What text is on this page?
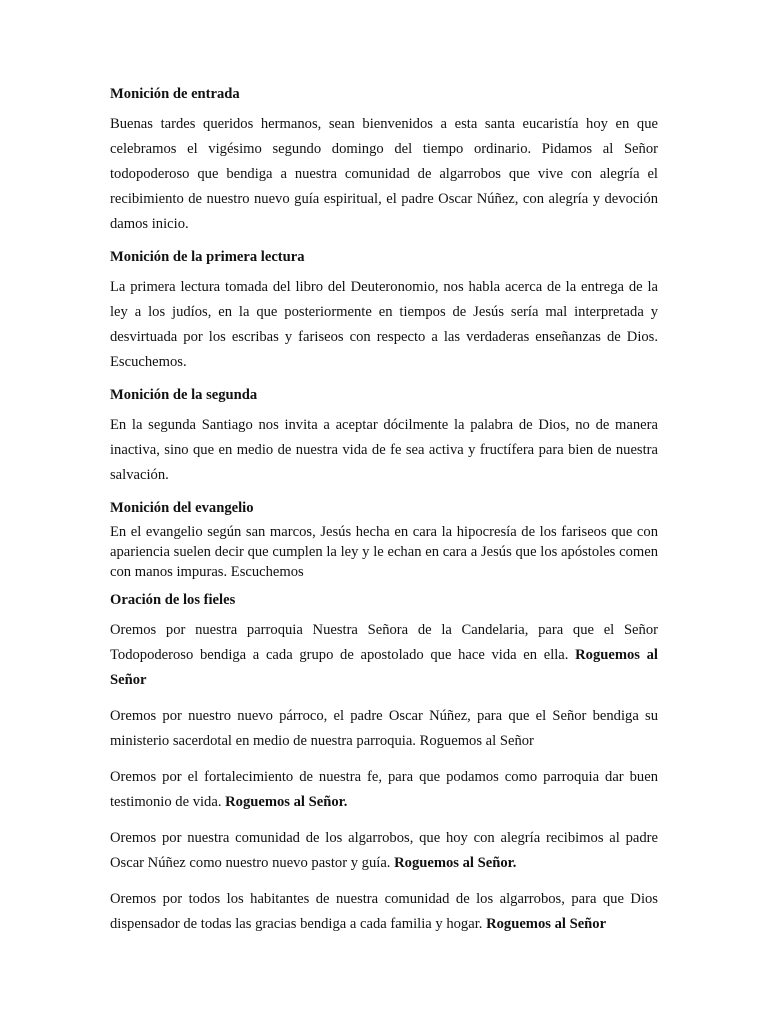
Monición de entrada

Buenas tardes queridos hermanos, sean bienvenidos a esta santa eucaristía hoy en que celebramos el vigésimo segundo domingo del tiempo ordinario. Pidamos al Señor todopoderoso que bendiga a nuestra comunidad de algarrobos que vive con alegría el recibimiento de nuestro nuevo guía espiritual, el padre Oscar Núñez, con alegría y devoción damos inicio.

Monición de la primera lectura

La primera lectura tomada del libro del Deuteronomio, nos habla acerca de la entrega de la ley a los judíos, en la que posteriormente en tiempos de Jesús sería mal interpretada y desvirtuada por los escribas y fariseos con respecto a las verdaderas enseñanzas de Dios. Escuchemos.

Monición de la segunda

En la segunda Santiago nos invita a aceptar dócilmente la palabra de Dios, no de manera inactiva, sino que en medio de nuestra vida de fe sea activa y fructífera para bien de nuestra salvación.

Monición del evangelio

En el evangelio según san marcos, Jesús hecha en cara la hipocresía de los fariseos que con apariencia suelen decir que cumplen la ley y le echan en cara a Jesús que los apóstoles comen con manos impuras. Escuchemos

Oración de los fieles

Oremos por nuestra parroquia Nuestra Señora de la Candelaria, para que el Señor Todopoderoso bendiga a cada grupo de apostolado que hace vida en ella. Roguemos al Señor

Oremos por nuestro nuevo párroco, el padre Oscar Núñez, para que el Señor bendiga su ministerio sacerdotal en medio de nuestra parroquia. Roguemos al Señor

Oremos por el fortalecimiento de nuestra fe, para que podamos como parroquia dar buen testimonio de vida. Roguemos al Señor.

Oremos por nuestra comunidad de los algarrobos, que hoy con alegría recibimos al padre Oscar Núñez como nuestro nuevo pastor y guía. Roguemos al Señor.

Oremos por todos los habitantes de nuestra comunidad de los algarrobos, para que Dios dispensador de todas las gracias bendiga a cada familia y hogar. Roguemos al Señor
